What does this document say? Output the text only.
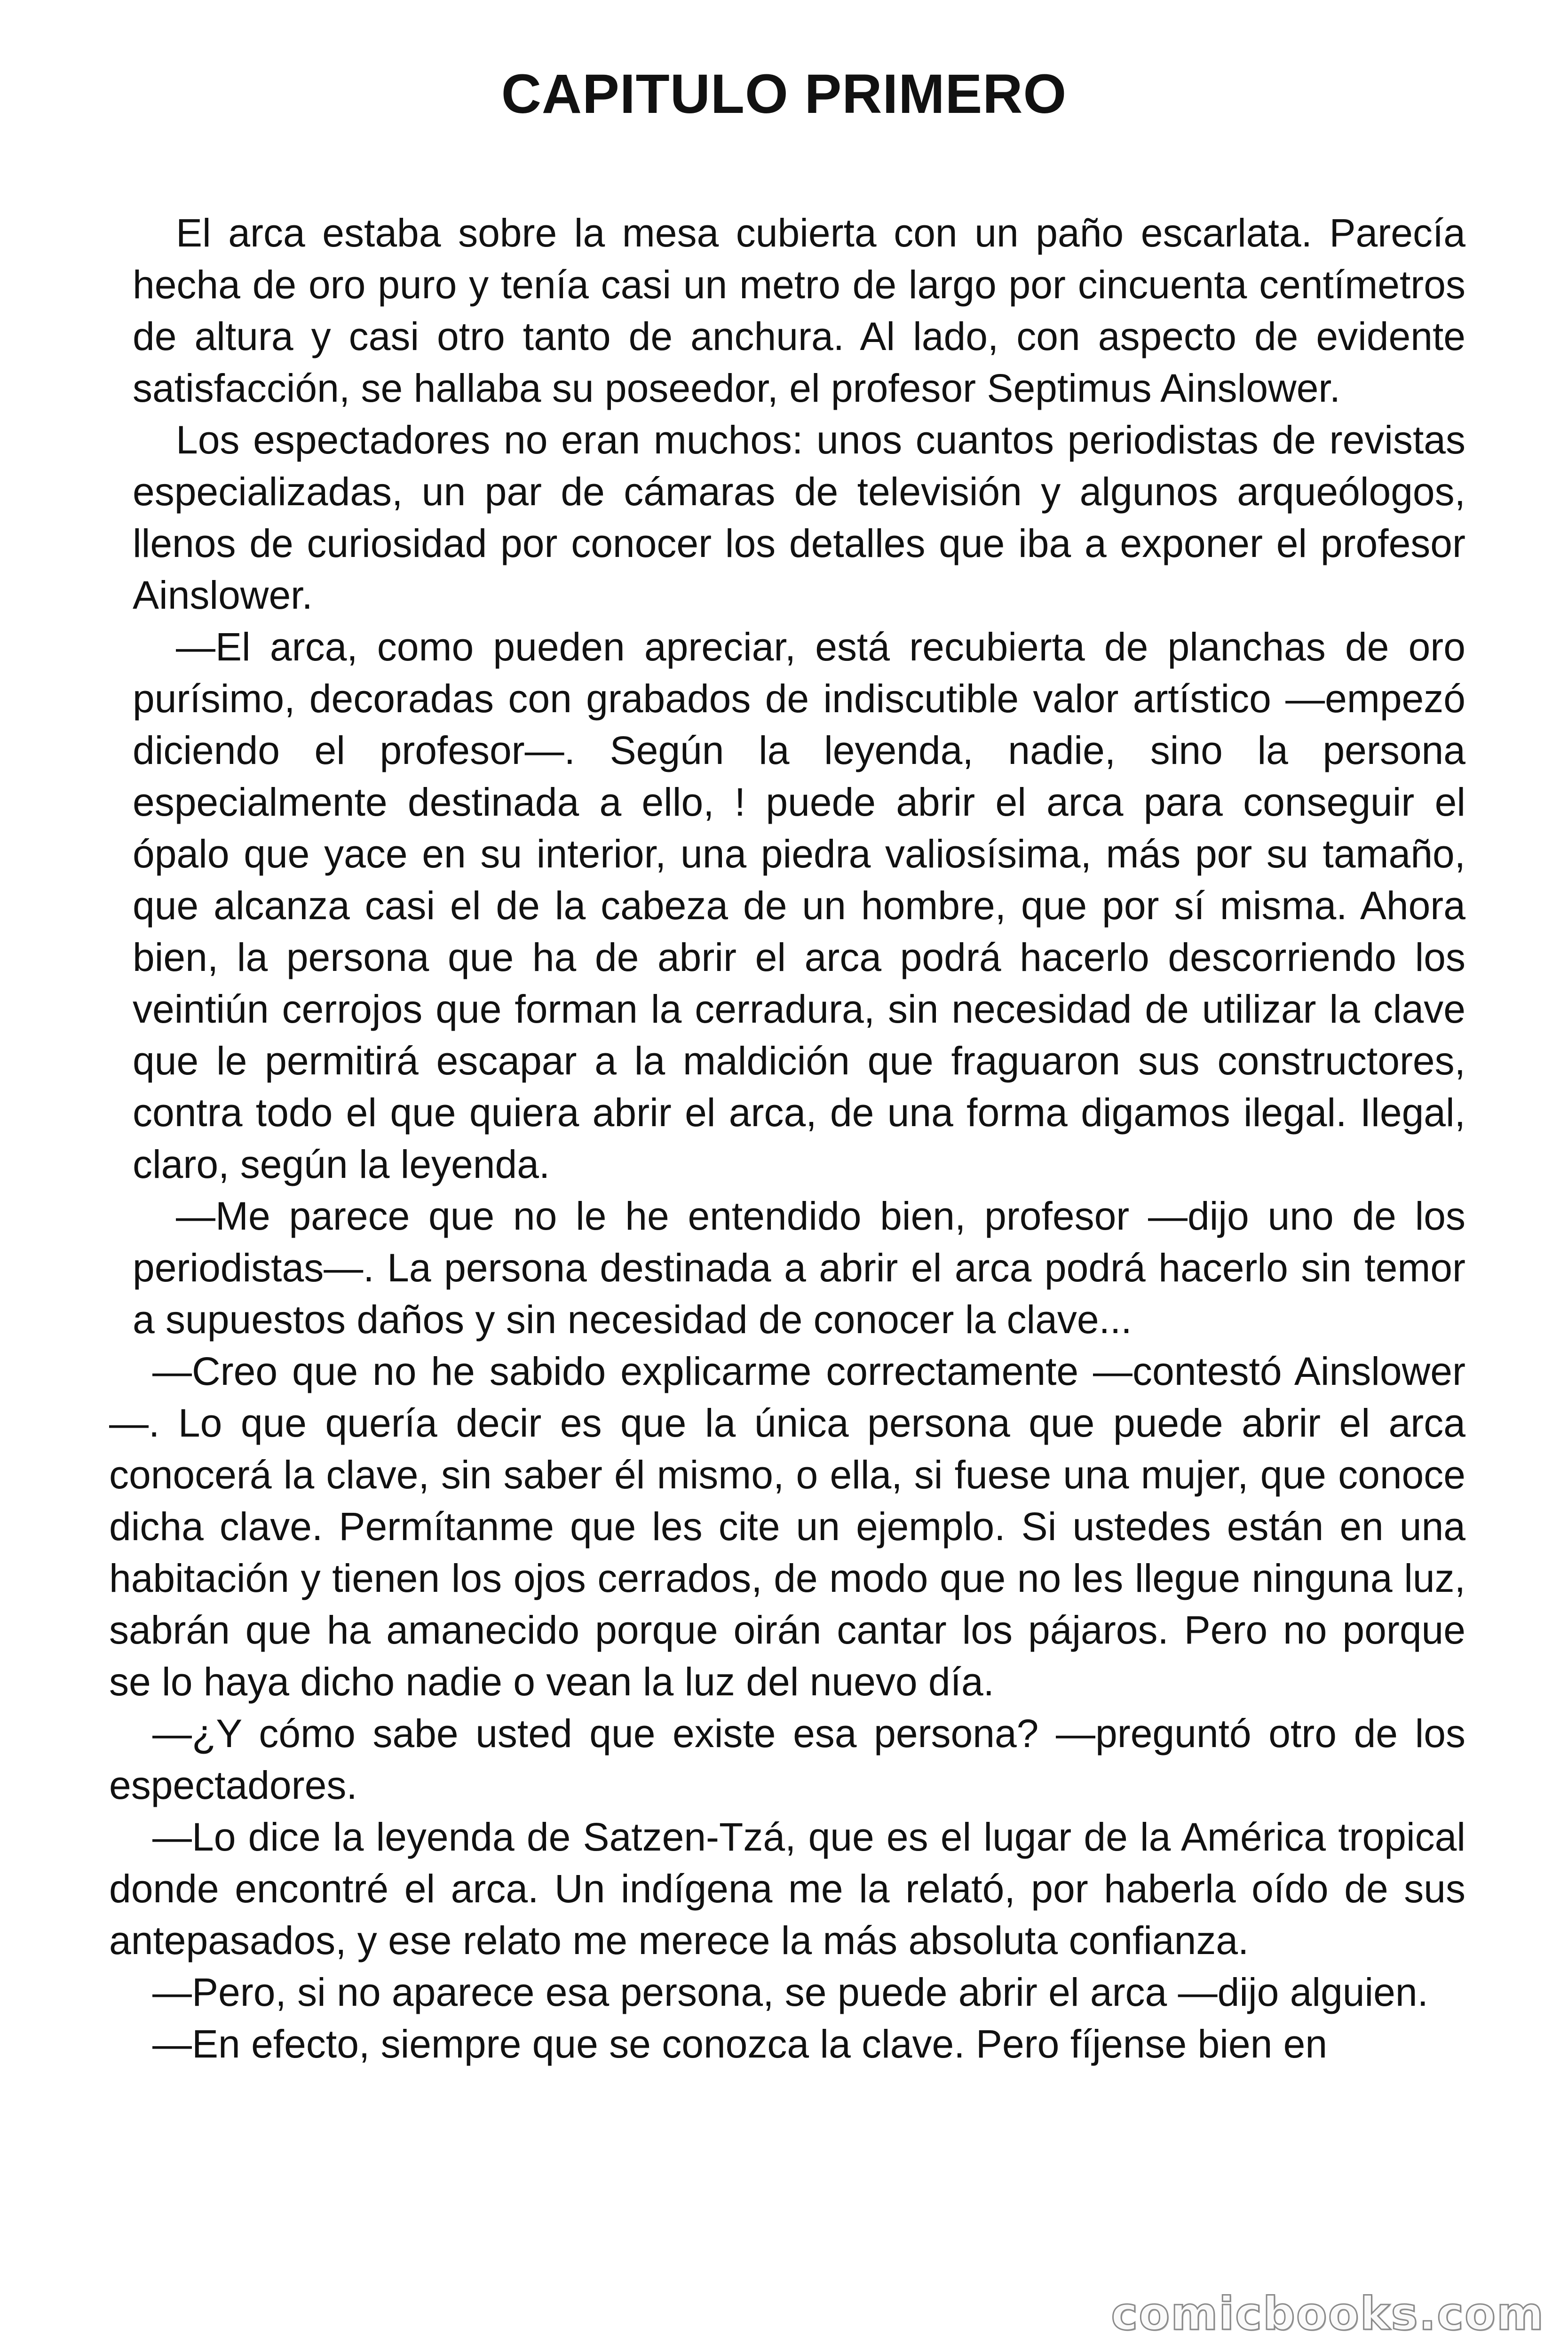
CAPITULO PRIMERO

El arca estaba sobre la mesa cubierta con un paño escarlata. Parecía hecha de oro puro y tenía casi un metro de largo por cincuenta centímetros de altura y casi otro tanto de anchura. Al lado, con aspecto de evidente satisfacción, se hallaba su poseedor, el profesor Septimus Ainslower.

Los espectadores no eran muchos: unos cuantos periodistas de revistas especializadas, un par de cámaras de televisión y algunos arqueólogos, llenos de curiosidad por conocer los detalles que iba a exponer el profesor Ainslower.

—El arca, como pueden apreciar, está recubierta de planchas de oro purísimo, decoradas con grabados de indiscutible valor artístico —empezó diciendo el profesor—. Según la leyenda, nadie, sino la persona especialmente destinada a ello, ! puede abrir el arca para conseguir el ópalo que yace en su interior, una piedra valiosísima, más por su tamaño, que alcanza casi el de la cabeza de un hombre, que por sí misma. Ahora bien, la persona que ha de abrir el arca podrá hacerlo descorriendo los veintiún cerrojos que forman la cerradura, sin necesidad de utilizar la clave que le permitirá escapar a la maldición que fraguaron sus constructores, contra todo el que quiera abrir el arca, de una forma digamos ilegal. Ilegal, claro, según la leyenda.

—Me parece que no le he entendido bien, profesor —dijo uno de los periodistas—. La persona destinada a abrir el arca podrá hacerlo sin temor a supuestos daños y sin necesidad de conocer la clave...

—Creo que no he sabido explicarme correctamente —contestó Ainslower—. Lo que quería decir es que la única persona que puede abrir el arca conocerá la clave, sin saber él mismo, o ella, si fuese una mujer, que conoce dicha clave. Permítanme que les cite un ejemplo. Si ustedes están en una habitación y tienen los ojos cerrados, de modo que no les llegue ninguna luz, sabrán que ha amanecido porque oirán cantar los pájaros. Pero no porque se lo haya dicho nadie o vean la luz del nuevo día.

—¿Y cómo sabe usted que existe esa persona? —preguntó otro de los espectadores.

—Lo dice la leyenda de Satzen-Tzá, que es el lugar de la América tropical donde encontré el arca. Un indígena me la relató, por haberla oído de sus antepasados, y ese relato me merece la más absoluta confianza.

—Pero, si no aparece esa persona, se puede abrir el arca —dijo alguien.

—En efecto, siempre que se conozca la clave. Pero fíjense bien en

comicbooks.com
